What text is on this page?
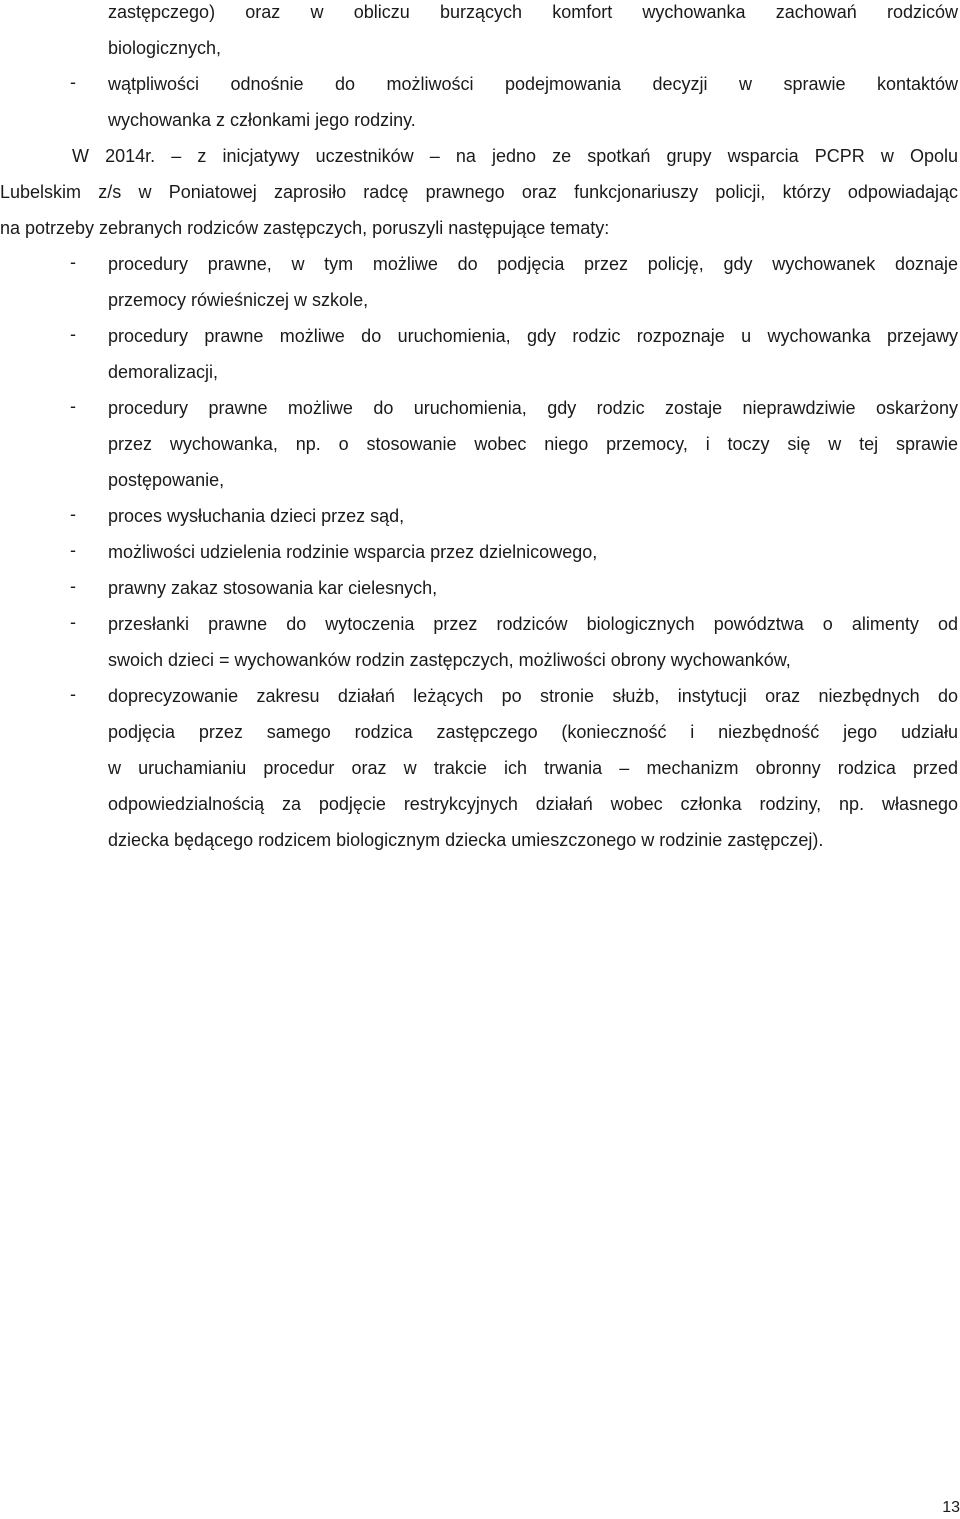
zastępczego) oraz w obliczu burzących komfort wychowanka zachowań rodziców
biologicznych,
-	wątpliwości odnośnie do możliwości podejmowania decyzji w sprawie kontaktów
wychowanka z członkami jego rodziny.
W 2014r. – z inicjatywy uczestników – na jedno ze spotkań grupy wsparcia PCPR w Opolu
Lubelskim z/s w Poniatowej zaprosiło radcę prawnego oraz funkcjonariuszy policji, którzy odpowiadając
na potrzeby zebranych rodziców zastępczych, poruszyli następujące tematy:
-	procedury prawne, w tym możliwe do podjęcia przez policję, gdy wychowanek doznaje
przemocy rówieśniczej w szkole,
-	procedury prawne możliwe do uruchomienia, gdy rodzic rozpoznaje u wychowanka przejawy
demoralizacji,
-	procedury prawne możliwe do uruchomienia, gdy rodzic zostaje nieprawdziwie oskarżony
przez wychowanka, np. o stosowanie wobec niego przemocy, i toczy się w tej sprawie
postępowanie,
-	proces wysłuchania dzieci przez sąd,
-	możliwości udzielenia rodzinie wsparcia przez dzielnicowego,
-	prawny zakaz stosowania kar cielesnych,
-	przesłanki prawne do wytoczenia przez rodziców biologicznych powództwa o alimenty od
swoich dzieci = wychowanków rodzin zastępczych, możliwości obrony wychowanków,
-	doprecyzowanie zakresu działań leżących po stronie służb, instytucji oraz niezbędnych do
podjęcia przez samego rodzica zastępczego (konieczność i niezbędność jego udziału
w uruchamianiu procedur oraz w trakcie ich trwania – mechanizm obronny rodzica przed
odpowiedzialnością za podjęcie restrykcyjnych działań wobec członka rodziny, np. własnego
dziecka będącego rodzicem biologicznym dziecka umieszczonego w rodzinie zastępczej).
13
